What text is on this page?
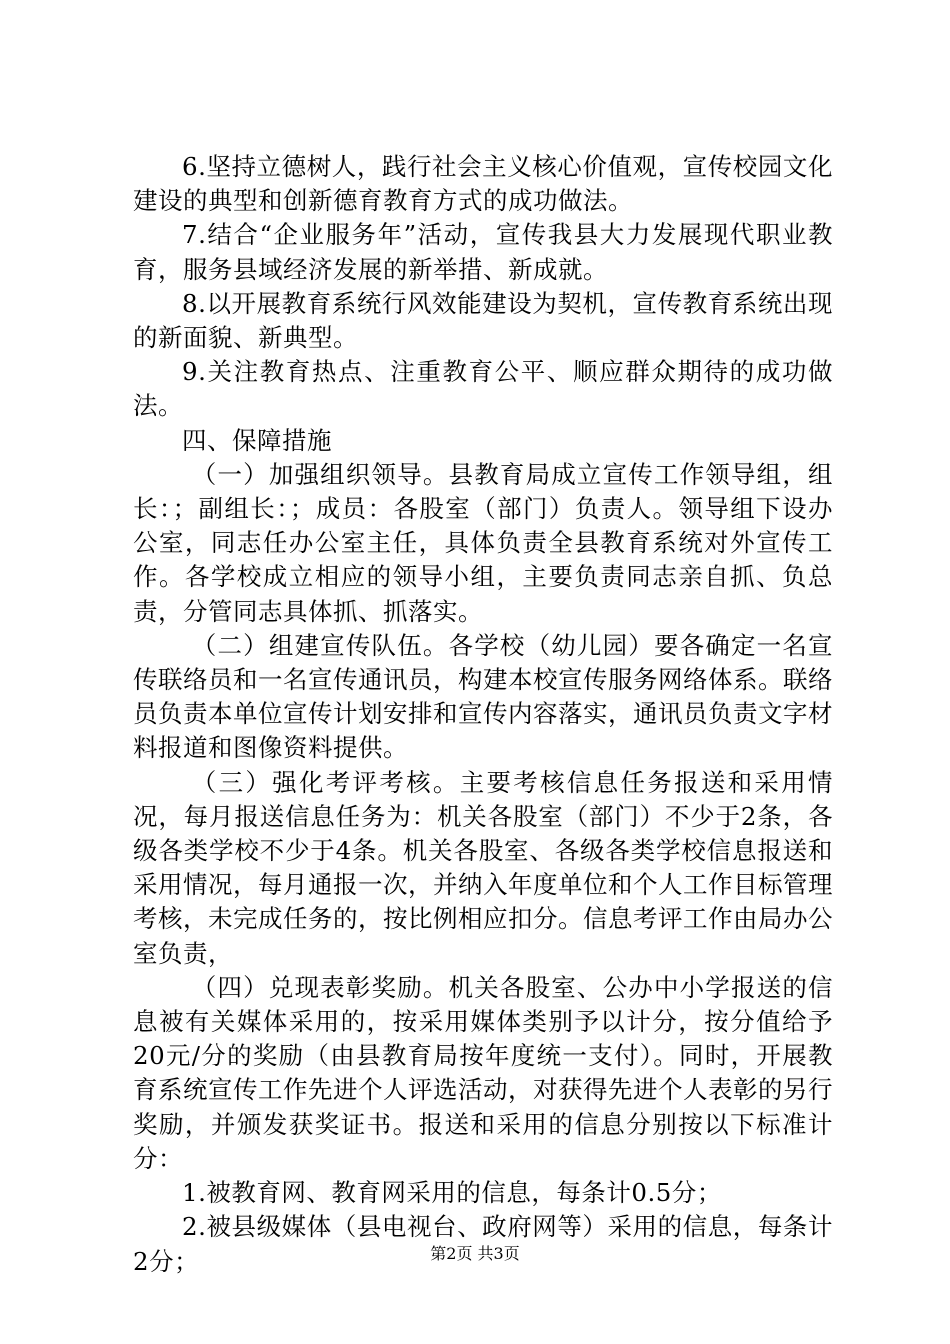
6.坚持立德树人，践行社会主义核心价值观，宣传校园文化建设的典型和创新德育教育方式的成功做法。

7.结合“企业服务年”活动，宣传我县大力发展现代职业教育，服务县域经济发展的新举措、新成就。

8.以开展教育系统行风效能建设为契机，宣传教育系统出现的新面貌、新典型。

9.关注教育热点、注重教育公平、顺应群众期待的成功做法。

四、保障措施

（一）加强组织领导。县教育局成立宣传工作领导组，组长：；副组长：；成员：各股室（部门）负责人。领导组下设办公室，同志任办公室主任，具体负责全县教育系统对外宣传工作。各学校成立相应的领导小组，主要负责同志亲自抓、负总责，分管同志具体抓、抓落实。

（二）组建宣传队伍。各学校（幼儿园）要各确定一名宣传联络员和一名宣传通讯员，构建本校宣传服务网络体系。联络员负责本单位宣传计划安排和宣传内容落实，通讯员负责文字材料报道和图像资料提供。

（三）强化考评考核。主要考核信息任务报送和采用情况，每月报送信息任务为：机关各股室（部门）不少于2条，各级各类学校不少于4条。机关各股室、各级各类学校信息报送和采用情况，每月通报一次，并纳入年度单位和个人工作目标管理考核，未完成任务的，按比例相应扣分。信息考评工作由局办公室负责，

（四）兑现表彰奖励。机关各股室、公办中小学报送的信息被有关媒体采用的，按采用媒体类别予以计分，按分值给予20元/分的奖励（由县教育局按年度统一支付）。同时，开展教育系统宣传工作先进个人评选活动，对获得先进个人表彰的另行奖励，并颁发获奖证书。报送和采用的信息分别按以下标准计分：

1.被教育网、教育网采用的信息，每条计0.5分；

2.被县级媒体（县电视台、政府网等）采用的信息，每条计2分；	第2页 共3页
